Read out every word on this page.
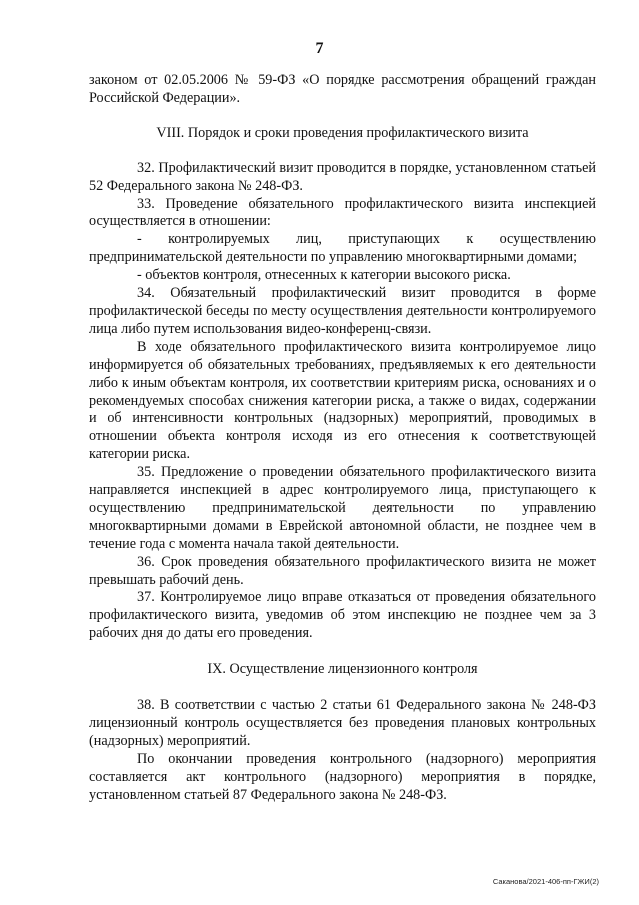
7

законом от 02.05.2006 № 59-ФЗ «О порядке рассмотрения обращений граждан Российской Федерации».

VIII. Порядок и сроки проведения профилактического визита

32. Профилактический визит проводится в порядке, установленном статьей 52 Федерального закона № 248-ФЗ.

33. Проведение обязательного профилактического визита инспекцией осуществляется в отношении:

- контролируемых лиц, приступающих к осуществлению предпринимательской деятельности по управлению многоквартирными домами;

- объектов контроля, отнесенных к категории высокого риска.

34. Обязательный профилактический визит проводится в форме профилактической беседы по месту осуществления деятельности контролируемого лица либо путем использования видео-конференц-связи.

В ходе обязательного профилактического визита контролируемое лицо информируется об обязательных требованиях, предъявляемых к его деятельности либо к иным объектам контроля, их соответствии критериям риска, основаниях и о рекомендуемых способах снижения категории риска, а также о видах, содержании и об интенсивности контрольных (надзорных) мероприятий, проводимых в отношении объекта контроля исходя из его отнесения к соответствующей категории риска.

35. Предложение о проведении обязательного профилактического визита направляется инспекцией в адрес контролируемого лица, приступающего к осуществлению предпринимательской деятельности по управлению многоквартирными домами в Еврейской автономной области, не позднее чем в течение года с момента начала такой деятельности.

36. Срок проведения обязательного профилактического визита не может превышать рабочий день.

37. Контролируемое лицо вправе отказаться от проведения обязательного профилактического визита, уведомив об этом инспекцию не позднее чем за 3 рабочих дня до даты его проведения.

IX. Осуществление лицензионного контроля

38. В соответствии с частью 2 статьи 61 Федерального закона № 248-ФЗ лицензионный контроль осуществляется без проведения плановых контрольных (надзорных) мероприятий.

По окончании проведения контрольного (надзорного) мероприятия составляется акт контрольного (надзорного) мероприятия в порядке, установленном статьей 87 Федерального закона № 248-ФЗ.

Саканова/2021-406-пп-ГЖИ(2)
